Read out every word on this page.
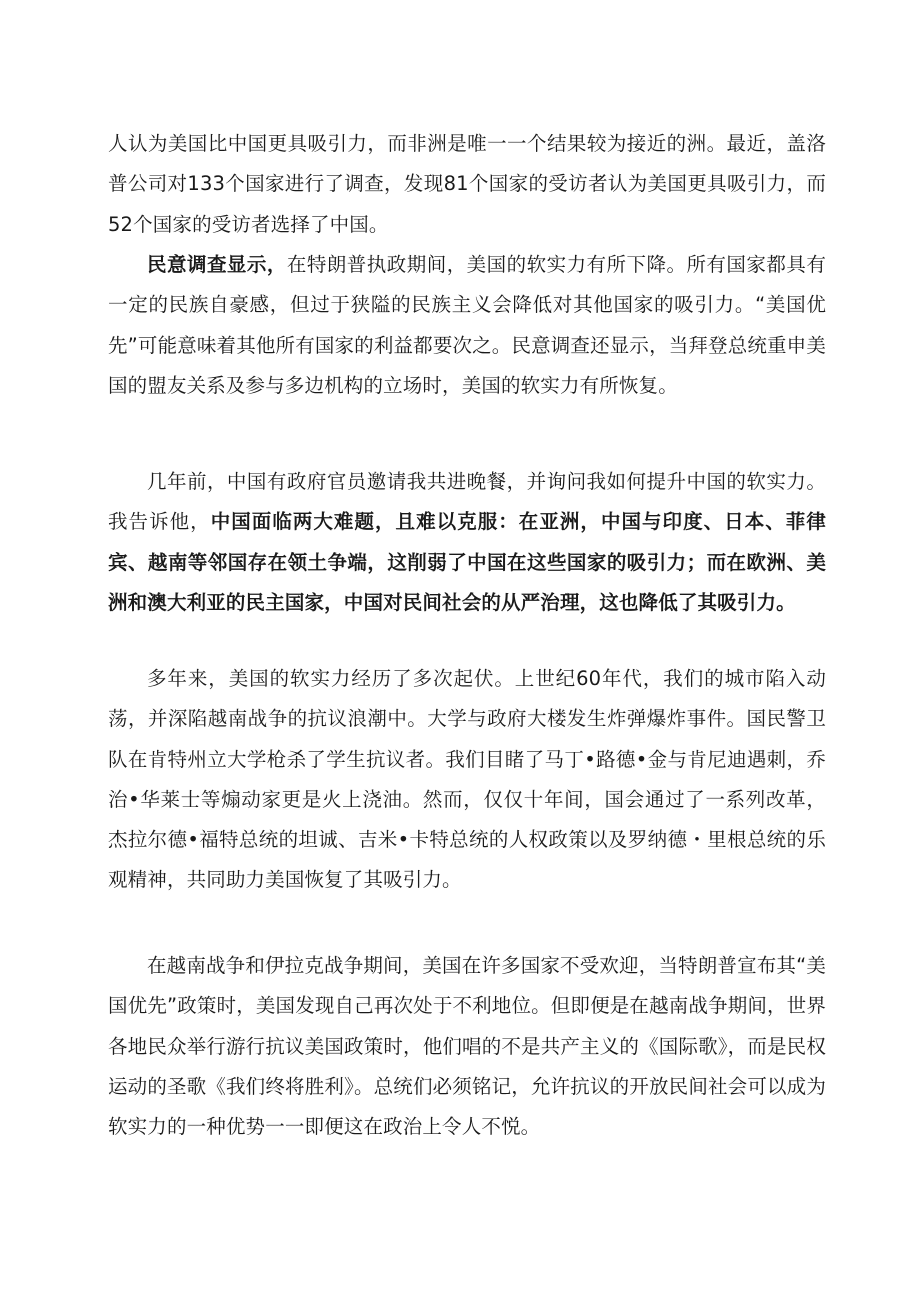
人认为美国比中国更具吸引力，而非洲是唯一一个结果较为接近的洲。最近，盖洛普公司对133个国家进行了调查，发现81个国家的受访者认为美国更具吸引力，而52个国家的受访者选择了中国。

民意调查显示，在特朗普执政期间，美国的软实力有所下降。所有国家都具有一定的民族自豪感，但过于狭隘的民族主义会降低对其他国家的吸引力。“美国优先”可能意味着其他所有国家的利益都要次之。民意调查还显示，当拜登总统重申美国的盟友关系及参与多边机构的立场时，美国的软实力有所恢复。

几年前，中国有政府官员邀请我共进晚餐，并询问我如何提升中国的软实力。我告诉他，中国面临两大难题，且难以克服：在亚洲，中国与印度、日本、菲律宾、越南等邻国存在领土争端，这削弱了中国在这些国家的吸引力；而在欧洲、美洲和澳大利亚的民主国家，中国对民间社会的从严治理，这也降低了其吸引力。

多年来，美国的软实力经历了多次起伏。上世纪60年代，我们的城市陷入动荡，并深陷越南战争的抗议浪潮中。大学与政府大楼发生炸弹爆炸事件。国民警卫队在肯特州立大学枪杀了学生抗议者。我们目睹了马丁•路德•金与肯尼迪遇刺，乔治•华莱士等煽动家更是火上浇油。然而，仅仅十年间，国会通过了一系列改革，杰拉尔德•福特总统的坦诚、吉米•卡特总统的人权政策以及罗纳德・里根总统的乐观精神，共同助力美国恢复了其吸引力。

在越南战争和伊拉克战争期间，美国在许多国家不受欢迎，当特朗普宣布其“美国优先”政策时，美国发现自己再次处于不利地位。但即便是在越南战争期间，世界各地民众举行游行抗议美国政策时，他们唱的不是共产主义的《国际歌》，而是民权运动的圣歌《我们终将胜利》。总统们必须铭记，允许抗议的开放民间社会可以成为软实力的一种优势一一即便这在政治上令人不悦。
